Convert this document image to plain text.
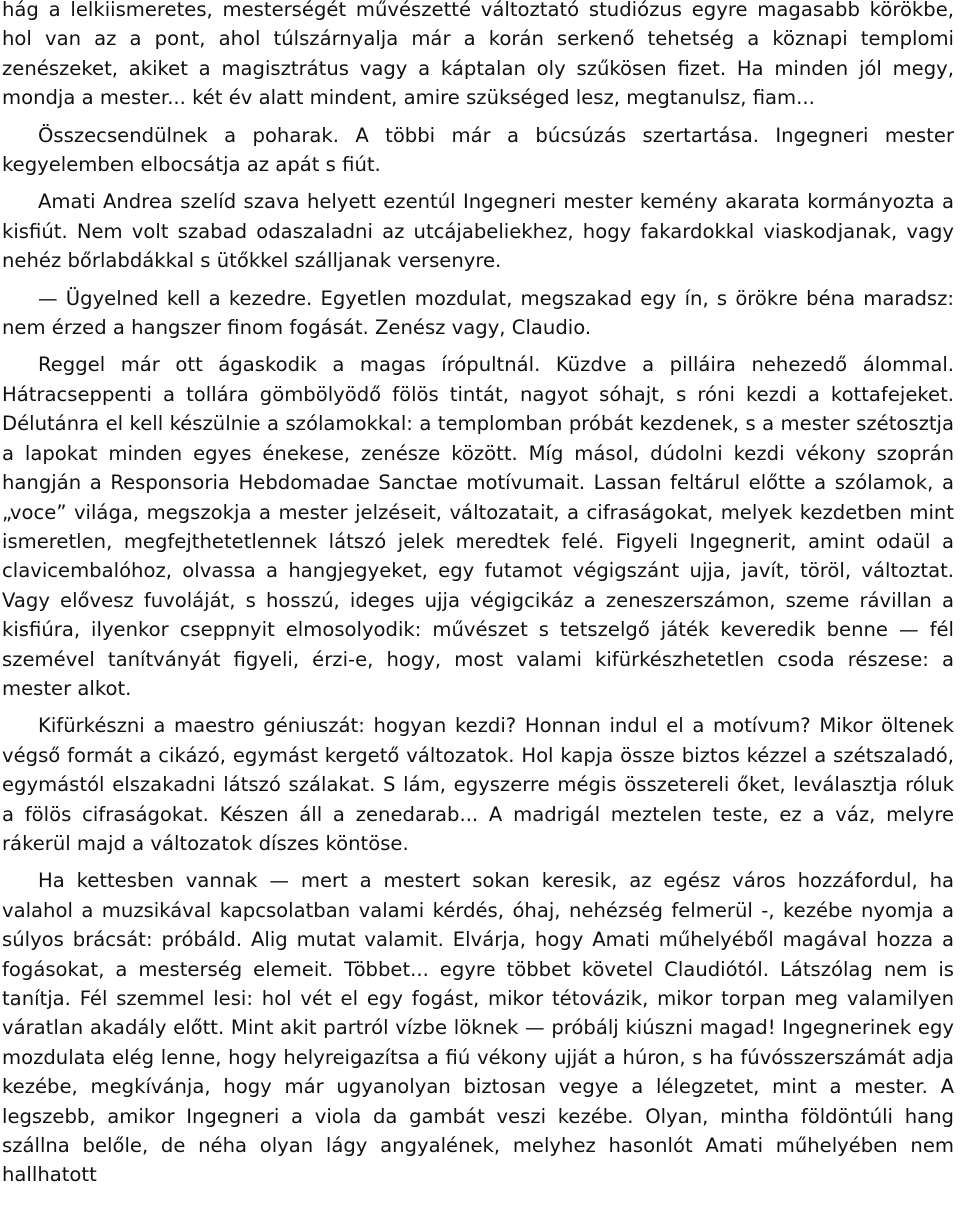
hág a lelkiismeretes, mesterségét művészetté változtató studiózus egyre magasabb körökbe, hol van az a pont, ahol túlszárnyalja már a korán serkenő tehetség a köznapi templomi zenészeket, akiket a magisztrátus vagy a káptalan oly szűkösen fizet. Ha minden jól megy, mondja a mester... két év alatt mindent, amire szükséged lesz, megtanulsz, fiam...

Összecsendülnek a poharak. A többi már a búcsúzás szertartása. Ingegneri mester kegyelemben elbocsátja az apát s fiút.

Amati Andrea szelíd szava helyett ezentúl Ingegneri mester kemény akarata kormányozta a kisfiút. Nem volt szabad odaszaladni az utcájabeliekhez, hogy fakardokkal viaskodjanak, vagy nehéz bőrlabdákkal s ütőkkel szálljanak versenyre.

— Ügyelned kell a kezedre. Egyetlen mozdulat, megszakad egy ín, s örökre béna maradsz: nem érzed a hangszer finom fogását. Zenész vagy, Claudio.

Reggel már ott ágaskodik a magas írópultnál. Küzdve a pilláira nehezedő álommal. Hátracseppenti a tollára gömbölyödő fölös tintát, nagyot sóhajt, s róni kezdi a kottafejeket. Délutánra el kell készülnie a szólamokkal: a templomban próbát kezdenek, s a mester szétosztja a lapokat minden egyes énekese, zenésze között. Míg másol, dúdolni kezdi vékony szoprán hangján a Responsoria Hebdomadae Sanctae motívumait. Lassan feltárul előtte a szólamok, a „voce” világa, megszokja a mester jelzéseit, változatait, a cifraságokat, melyek kezdetben mint ismeretlen, megfejthetetlennek látszó jelek meredtek felé. Figyeli Ingegnerit, amint odaül a clavicembalóhoz, olvassa a hangjegyeket, egy futamot végigszánt ujja, javít, töröl, változtat. Vagy elővesz fuvoláját, s hosszú, ideges ujja végigcikáz a zeneszerszámon, szeme rávillan a kisfiúra, ilyenkor cseppnyit elmosolyodik: művészet s tetszelgő játék keveredik benne — fél szemével tanítványát figyeli, érzi-e, hogy, most valami kifürkészhetetlen csoda részese: a mester alkot.

Kifürkészni a maestro géniuszát: hogyan kezdi? Honnan indul el a motívum? Mikor öltenek végső formát a cikázó, egymást kergető változatok. Hol kapja össze biztos kézzel a szétszaladó, egymástól elszakadni látszó szálakat. S lám, egyszerre mégis összetereli őket, leválasztja róluk a fölös cifraságokat. Készen áll a zenedarab... A madrigál meztelen teste, ez a váz, melyre rákerül majd a változatok díszes köntöse.

Ha kettesben vannak — mert a mestert sokan keresik, az egész város hozzáfordul, ha valahol a muzsikával kapcsolatban valami kérdés, óhaj, nehézség felmerül -, kezébe nyomja a súlyos brácsát: próbáld. Alig mutat valamit. Elvárja, hogy Amati műhelyéből magával hozza a fogásokat, a mesterség elemeit. Többet... egyre többet követel Claudiótól. Látszólag nem is tanítja. Fél szemmel lesi: hol vét el egy fogást, mikor tétovázik, mikor torpan meg valamilyen váratlan akadály előtt. Mint akit partról vízbe löknek — próbálj kiúszni magad! Ingegnerinek egy mozdulata elég lenne, hogy helyreigazítsa a fiú vékony ujját a húron, s ha fúvósszerszámát adja kezébe, megkívánja, hogy már ugyanolyan biztosan vegye a lélegzetet, mint a mester. A legszebb, amikor Ingegneri a viola da gambát veszi kezébe. Olyan, mintha földöntúli hang szállna belőle, de néha olyan lágy angyalének, melyhez hasonlót Amati műhelyében nem hallhatott
